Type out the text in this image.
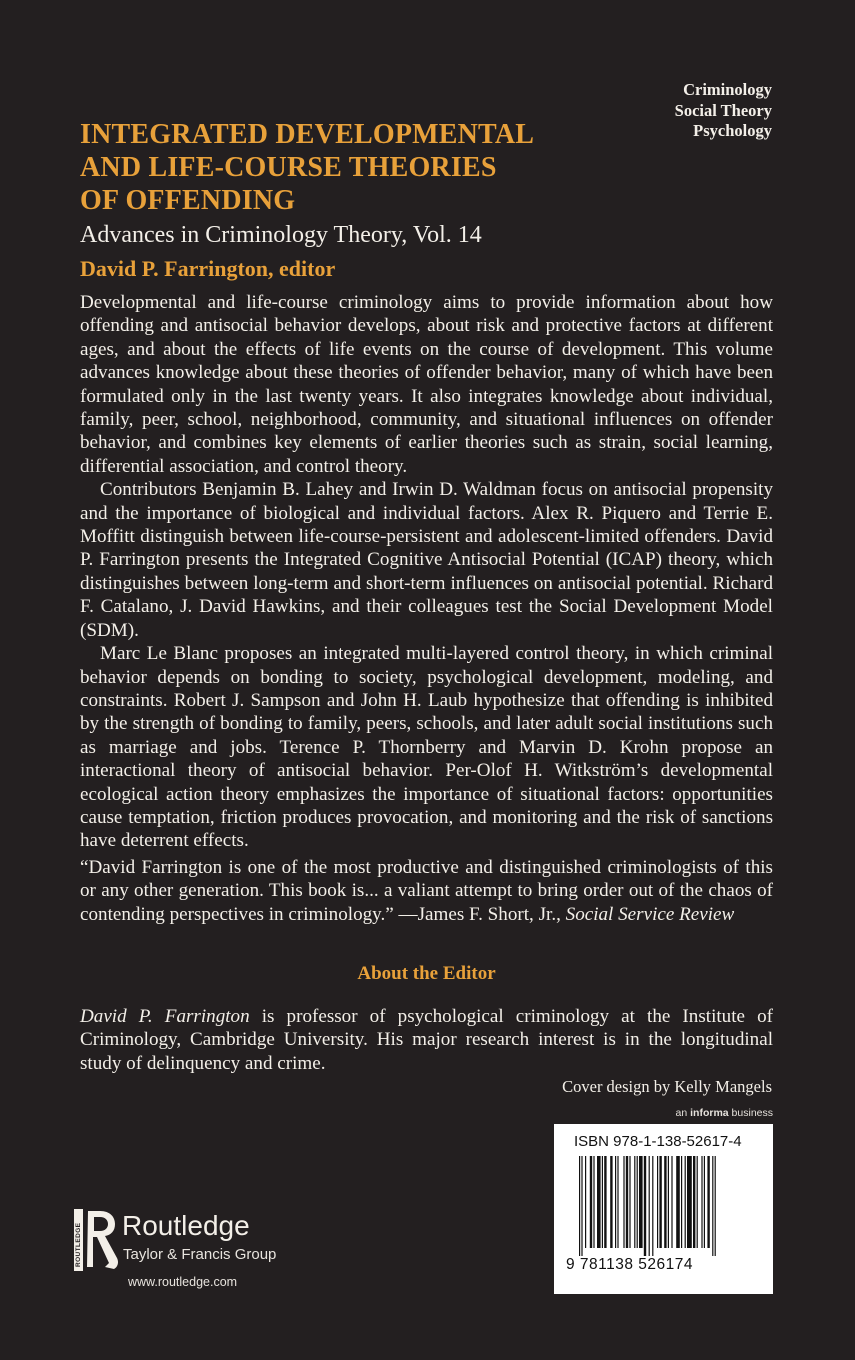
Criminology
Social Theory
Psychology
INTEGRATED DEVELOPMENTAL
AND LIFE-COURSE THEORIES
OF OFFENDING
Advances in Criminology Theory, Vol. 14
David P. Farrington, editor

Developmental and life-course criminology aims to provide information about how offending and antisocial behavior develops, about risk and protective factors at different ages, and about the effects of life events on the course of development. This volume advances knowledge about these theories of offender behavior, many of which have been formulated only in the last twenty years. It also integrates knowledge about individual, family, peer, school, neighborhood, community, and situational influences on offender behavior, and combines key elements of earlier theories such as strain, social learning, differential association, and control theory.

Contributors Benjamin B. Lahey and Irwin D. Waldman focus on antisocial propensity and the importance of biological and individual factors. Alex R. Piquero and Terrie E. Moffitt distinguish between life-course-persistent and adolescent-limited offenders. David P. Farrington presents the Integrated Cognitive Antisocial Potential (ICAP) theory, which distinguishes between long-term and short-term influences on antisocial potential. Richard F. Catalano, J. David Hawkins, and their colleagues test the Social Development Model (SDM).

Marc Le Blanc proposes an integrated multi-layered control theory, in which criminal behavior depends on bonding to society, psychological development, modeling, and constraints. Robert J. Sampson and John H. Laub hypothesize that offending is inhibited by the strength of bonding to family, peers, schools, and later adult social institutions such as marriage and jobs. Terence P. Thornberry and Marvin D. Krohn propose an interactional theory of antisocial behavior. Per-Olof H. Witkström’s developmental ecological action theory emphasizes the importance of situational factors: opportunities cause temptation, friction produces provocation, and monitoring and the risk of sanctions have deterrent effects.

“David Farrington is one of the most productive and distinguished criminologists of this or any other generation. This book is... a valiant attempt to bring order out of the chaos of contending perspectives in criminology.” —James F. Short, Jr., Social Service Review
About the Editor
David P. Farrington is professor of psychological criminology at the Institute of Criminology, Cambridge University. His major research interest is in the longitudinal study of delinquency and crime.
Cover design by Kelly Mangels
an informa business
ISBN 978-1-138-52617-4
9 781138 526174
ROUTLEDGE Routledge
Taylor & Francis Group
www.routledge.com
